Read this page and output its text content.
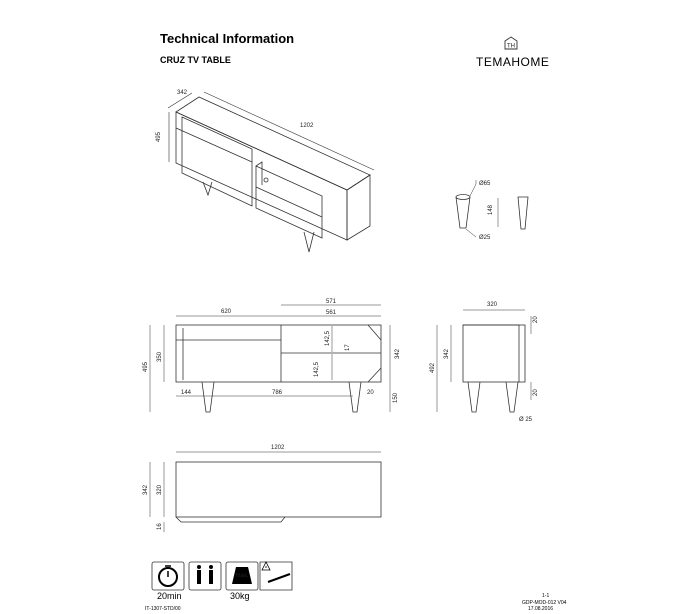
Technical Information
CRUZ TV TABLE
TH
TEMAHOME
max.
342
1202
495
Ø65
148
Ø25
620
571
561
350
495
342
142,5
17
142,5
144	786	20	150
320
20
342
492
20
Ø 25
1202
342 320
16
20min	30kg
IT-1307-STD/00
1-1
GDP-MOD-012 V04
17.08.2016
